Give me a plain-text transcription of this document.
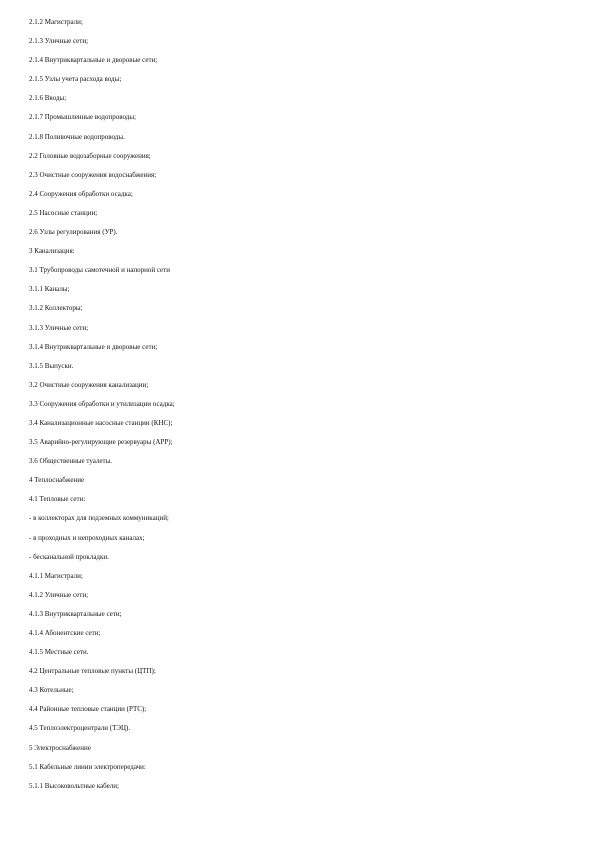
2.1.2 Магистрали;
2.1.3 Уличные сети;
2.1.4 Внутриквартальные и дворовые сети;
2.1.5 Узлы учета расхода воды;
2.1.6 Вводы;
2.1.7 Промышленные водопроводы;
2.1.8 Поливочные водопроводы.
2.2 Головные водозаборные сооружения;
2.3 Очистные сооружения водоснабжения;
2.4 Сооружения обработки осадка;
2.5 Насосные станции;
2.6 Узлы регулирования (УР).
3 Канализация:
3.1 Трубопроводы самотечной и напорной сети
3.1.1 Каналы;
3.1.2 Коллекторы;
3.1.3 Уличные сети;
3.1.4 Внутриквартальные и дворовые сети;
3.1.5 Выпуски.
3.2 Очистные сооружения канализации;
3.3 Сооружения обработки и утилизации осадка;
3.4 Канализационные насосные станции (КНС);
3.5 Аварийно-регулирующие резервуары (АРР);
3.6 Общественные туалеты.
4 Теплоснабжение
4.1 Тепловые сети:
- в коллекторах для подземных коммуникаций;
- в проходных и непроходных каналах;
- бесканальной прокладки.
4.1.1 Магистрали;
4.1.2 Уличные сети;
4.1.3 Внутриквартальные сети;
4.1.4 Абонентские сети;
4.1.5 Местные сети.
4.2 Центральные тепловые пункты (ЦТП);
4.3 Котельные;
4.4 Районные тепловые станции (РТС);
4.5 Теплоэлектроцентрали (ТЭЦ).
5 Электроснабжение
5.1 Кабельные линии электропередачи:
5.1.1 Высоковольтные кабели;
